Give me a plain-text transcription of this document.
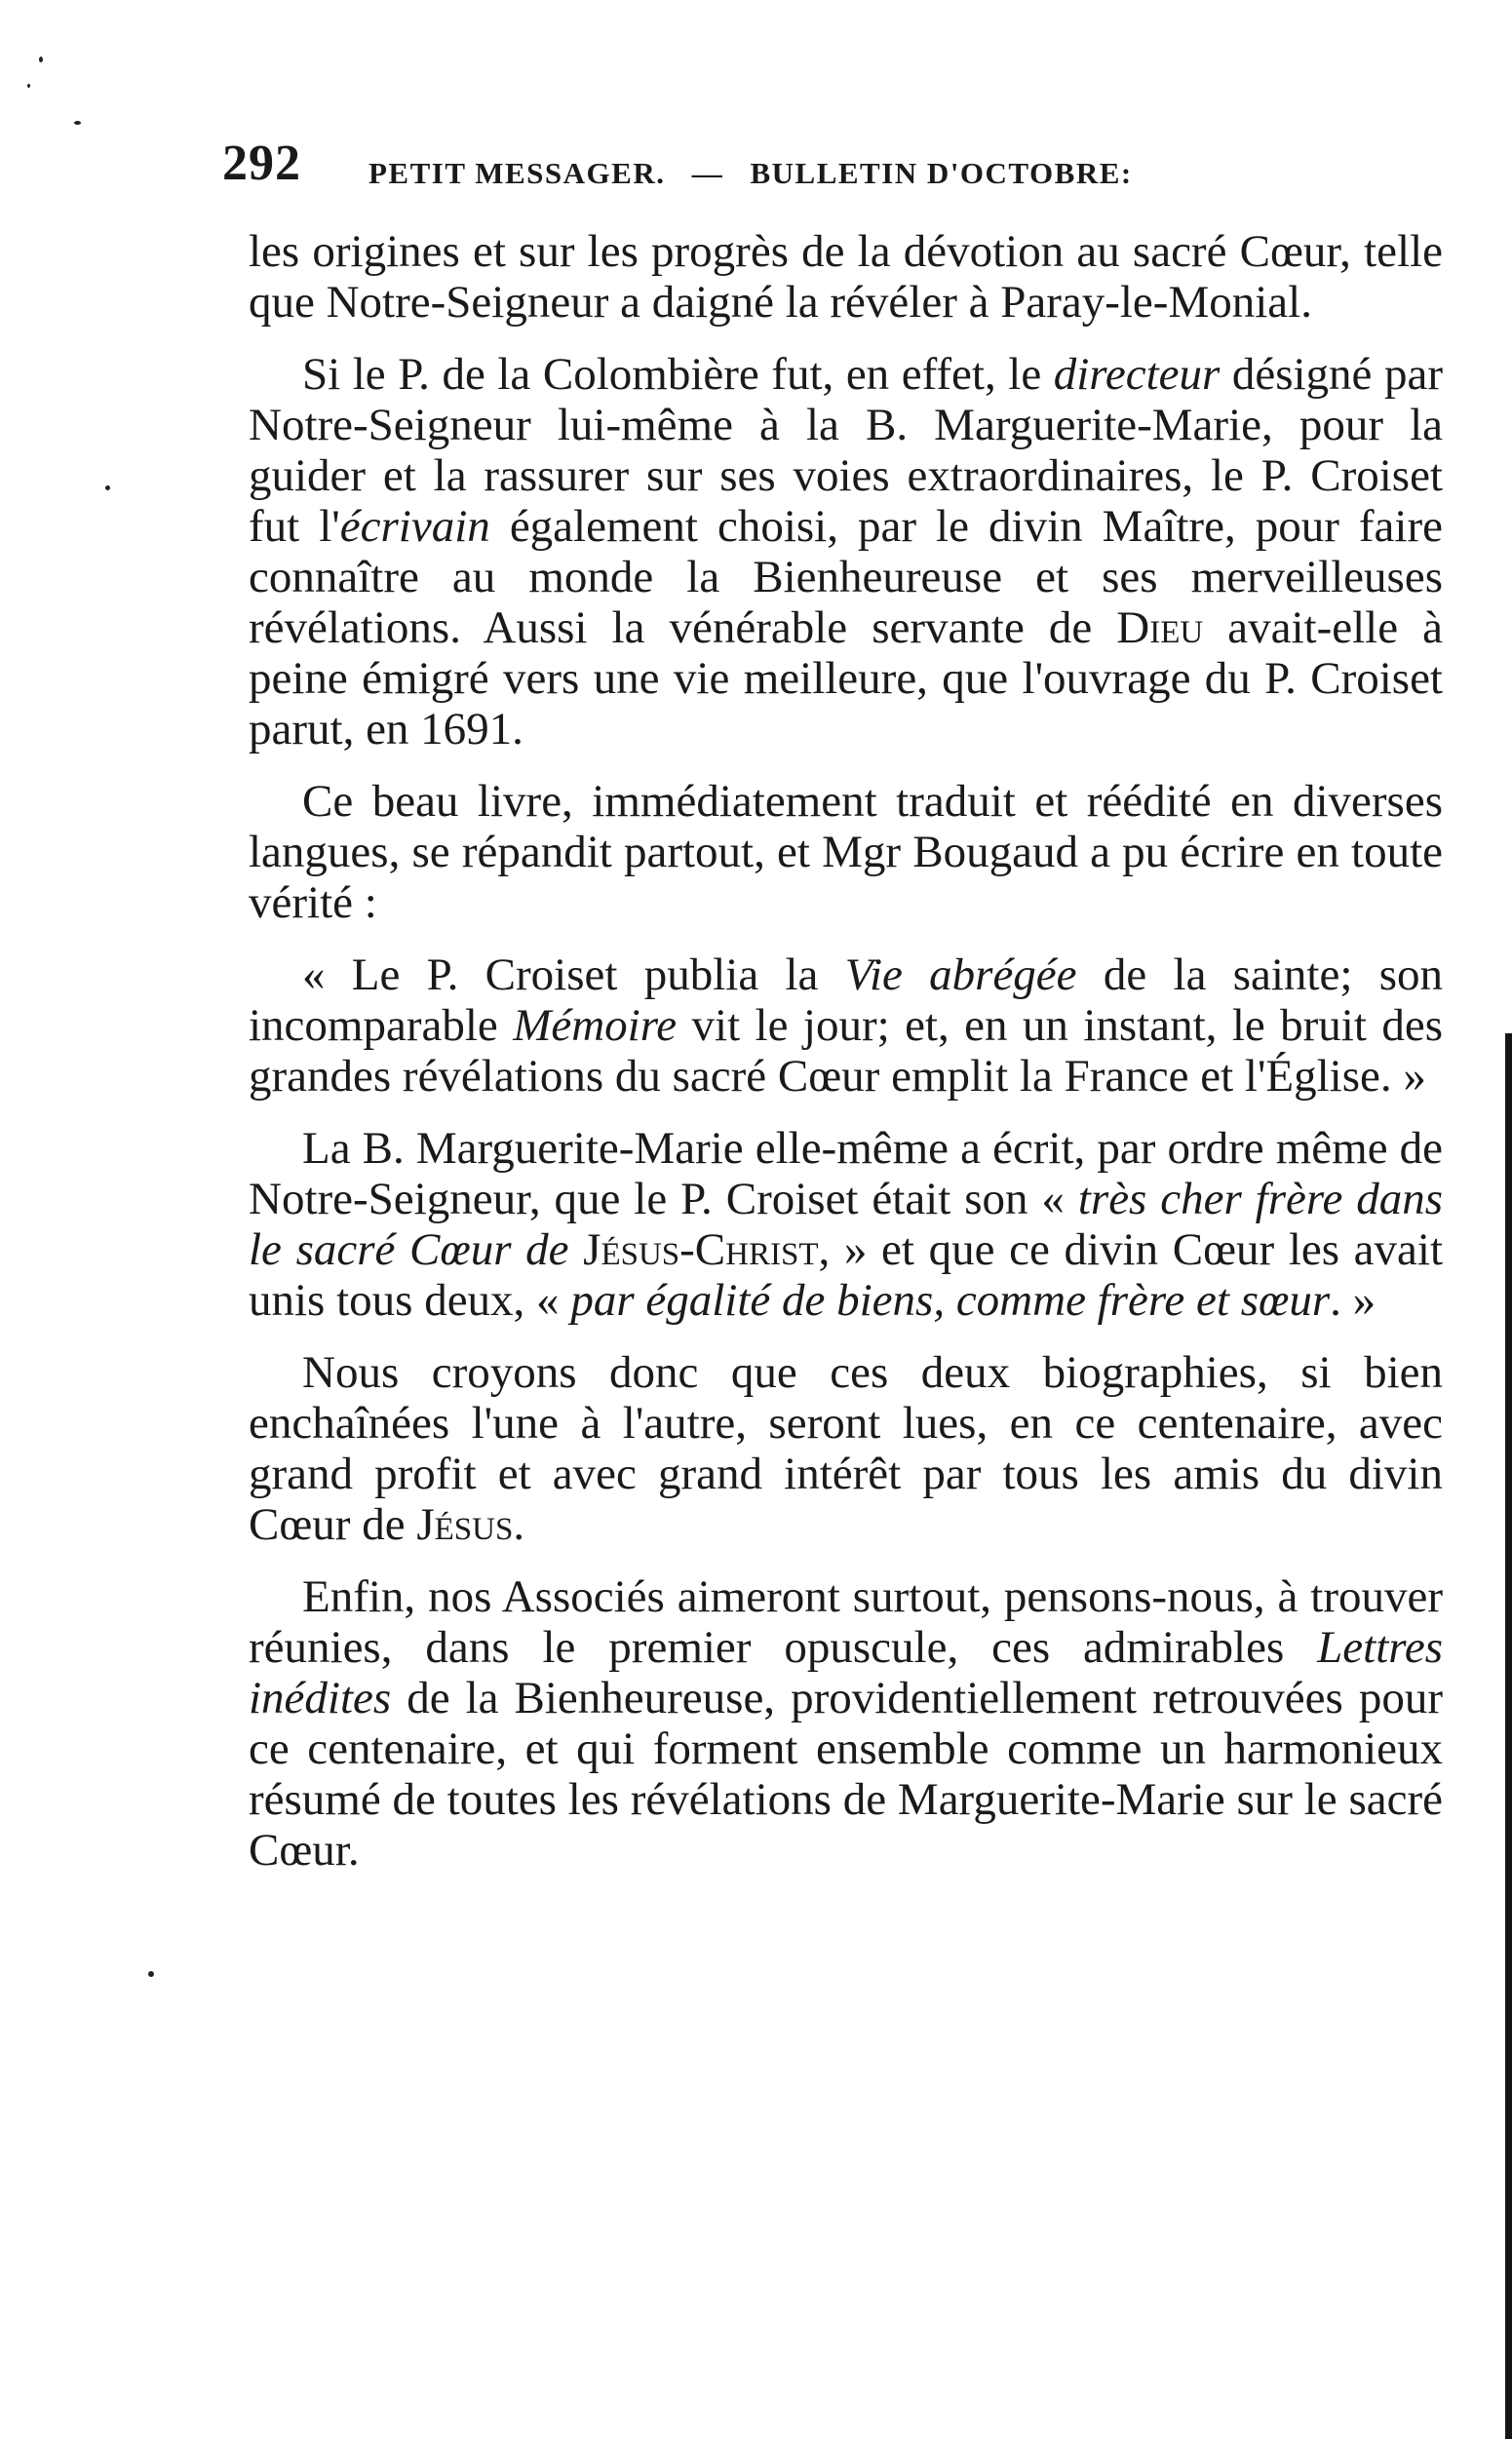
292 PETIT MESSAGER. — BULLETIN D'OCTOBRE:

les origines et sur les progrès de la dévotion au sacré Cœur, telle que Notre-Seigneur a daigné la révéler à Paray-le-Monial.

Si le P. de la Colombière fut, en effet, le directeur désigné par Notre-Seigneur lui-même à la B. Marguerite-Marie, pour la guider et la rassurer sur ses voies extraordinaires, le P. Croiset fut l'écrivain également choisi, par le divin Maître, pour faire connaître au monde la Bienheureuse et ses merveilleuses révélations. Aussi la vénérable servante de Dieu avait-elle à peine émigré vers une vie meilleure, que l'ouvrage du P. Croiset parut, en 1691.

Ce beau livre, immédiatement traduit et réédité en diverses langues, se répandit partout, et Mgr Bougaud a pu écrire en toute vérité :

« Le P. Croiset publia la Vie abrégée de la sainte; son incomparable Mémoire vit le jour; et, en un instant, le bruit des grandes révélations du sacré Cœur emplit la France et l'Église. »

La B. Marguerite-Marie elle-même a écrit, par ordre même de Notre-Seigneur, que le P. Croiset était son « très cher frère dans le sacré Cœur de Jésus-Christ, » et que ce divin Cœur les avait unis tous deux, « par égalité de biens, comme frère et sœur. »

Nous croyons donc que ces deux biographies, si bien enchaînées l'une à l'autre, seront lues, en ce centenaire, avec grand profit et avec grand intérêt par tous les amis du divin Cœur de Jésus.

Enfin, nos Associés aimeront surtout, pensons-nous, à trouver réunies, dans le premier opuscule, ces admirables Lettres inédites de la Bienheureuse, providentiellement retrouvées pour ce centenaire, et qui forment ensemble comme un harmonieux résumé de toutes les révélations de Marguerite-Marie sur le sacré Cœur.
